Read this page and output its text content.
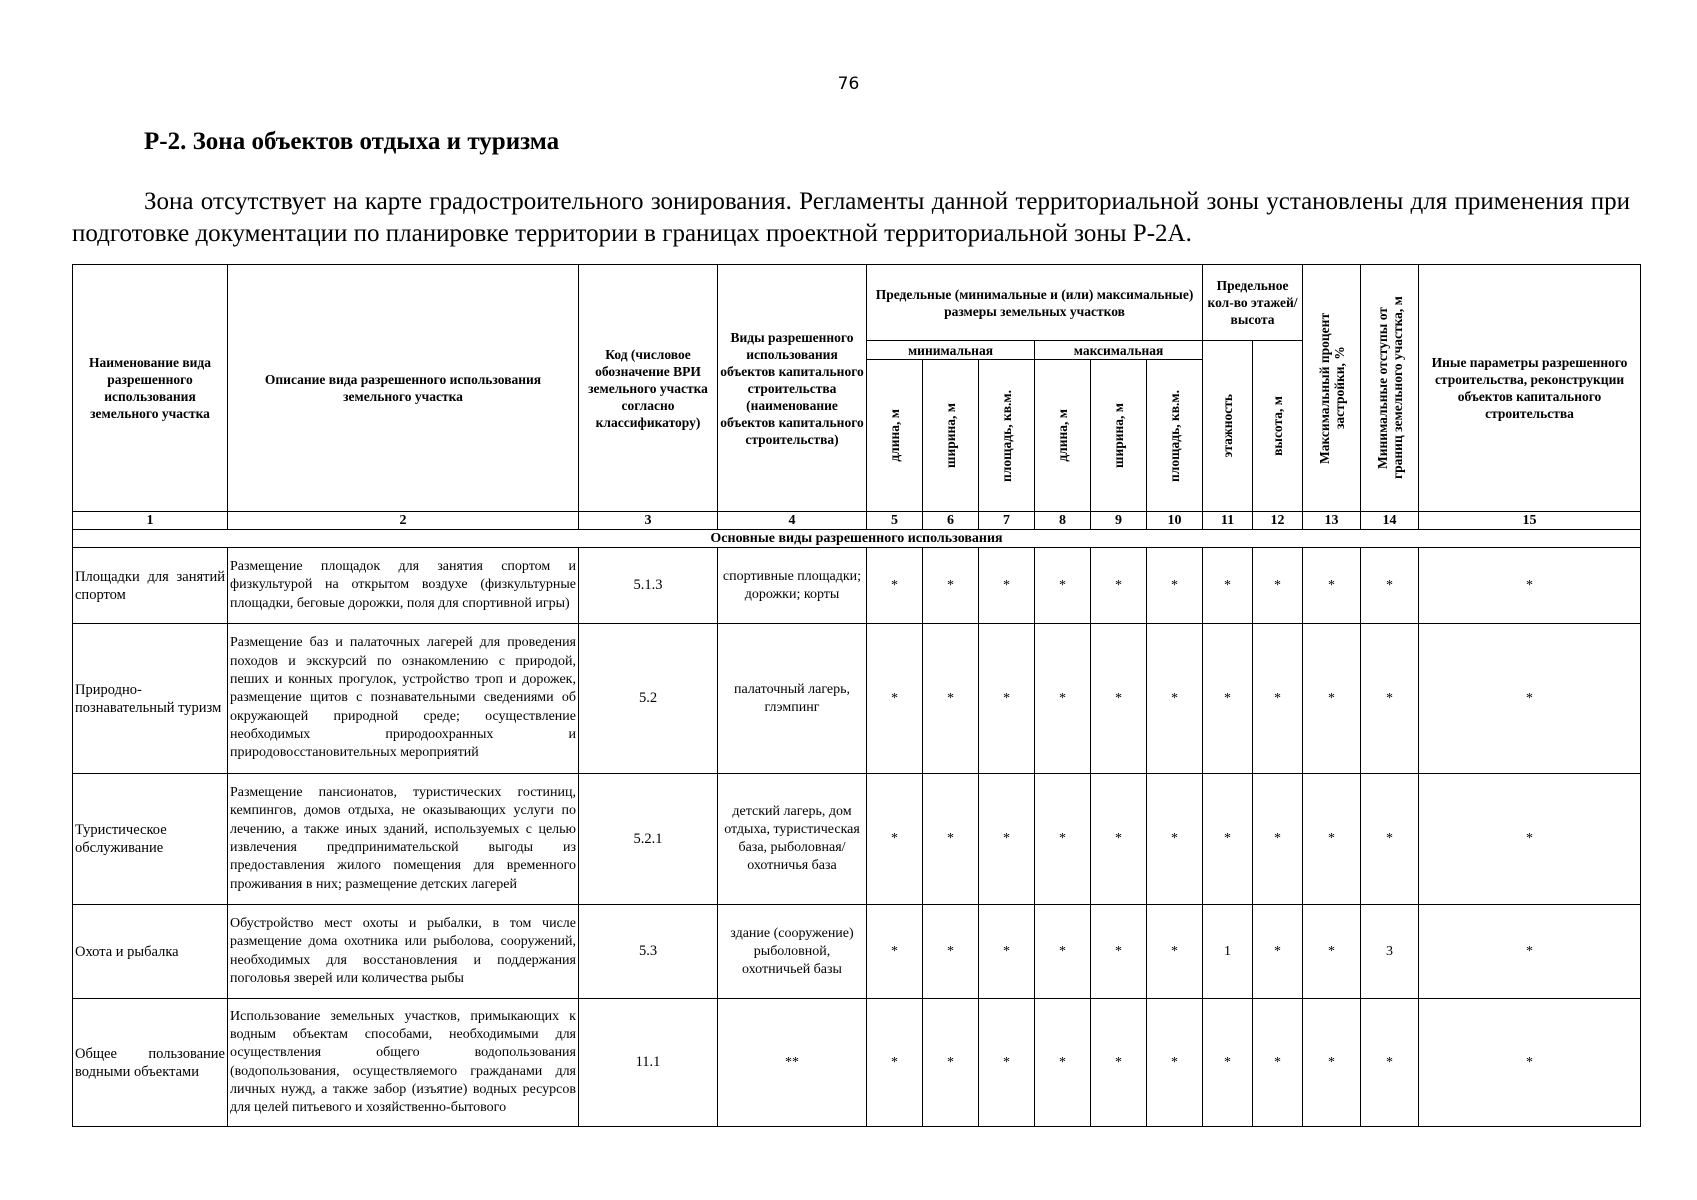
76
Р-2. Зона объектов отдыха и туризма
Зона отсутствует на карте градостроительного зонирования. Регламенты данной территориальной зоны установлены для применения при подготовке документации по планировке территории в границах проектной территориальной зоны Р-2А.
Наименование вида разрешенного использования земельного участка	Описание вида разрешенного использования земельного участка	Код (числовое обозначение ВРИ земельного участка согласно классификатору)	Виды разрешенного использования объектов капитального строительства (наименование объектов капитального строительства)	Предельные (минимальные и (или) максимальные) размеры земельных участков						Предельное кол-во этажей/ высота		Максимальный процент застройки, %	Минимальные отступы от границ земельного участка, м	Иные параметры разрешенного строительства, реконструкции объектов капитального строительства
				минимальная			максимальная			этажность	высота, м			

				длина, м	ширина, м	площадь, кв.м.	длина, м	ширина, м	площадь, кв.м.					

1	2	3	4	5	6	7	8	9	10	11	12	13	14	15
Основные виды разрешенного использования														
Площадки для занятий спортом	Размещение площадок для занятия спортом и физкультурой на открытом воздухе (физкультурные площадки, беговые дорожки, поля для спортивной игры)	5.1.3	спортивные площадки; дорожки; корты	*	*	*	*	*	*	*	*	*	*	*
Природно-познавательный туризм	Размещение баз и палаточных лагерей для проведения походов и экскурсий по ознакомлению с природой, пеших и конных прогулок, устройство троп и дорожек, размещение щитов с познавательными сведениями об окружающей природной среде; осуществление необходимых природоохранных и природовосстановительных мероприятий	5.2	палаточный лагерь, глэмпинг	*	*	*	*	*	*	*	*	*	*	*
Туристическое обслуживание	Размещение пансионатов, туристических гостиниц, кемпингов, домов отдыха, не оказывающих услуги по лечению, а также иных зданий, используемых с целью извлечения предпринимательской выгоды из предоставления жилого помещения для временного проживания в них; размещение детских лагерей	5.2.1	детский лагерь, дом отдыха, туристическая база, рыболовная/охотничья база	*	*	*	*	*	*	*	*	*	*	*
Охота и рыбалка	Обустройство мест охоты и рыбалки, в том числе размещение дома охотника или рыболова, сооружений, необходимых для восстановления и поддержания поголовья зверей или количества рыбы	5.3	здание (сооружение) рыболовной, охотничьей базы	*	*	*	*	*	*	1	*	*	3	*
Общее пользование водными объектами	Использование земельных участков, примыкающих к водным объектам способами, необходимыми для осуществления общего водопользования (водопользования, осуществляемого гражданами для личных нужд, а также забор (изъятие) водных ресурсов для целей питьевого и хозяйственно-бытового	11.1	**	*	*	*	*	*	*	*	*	*	*	*
